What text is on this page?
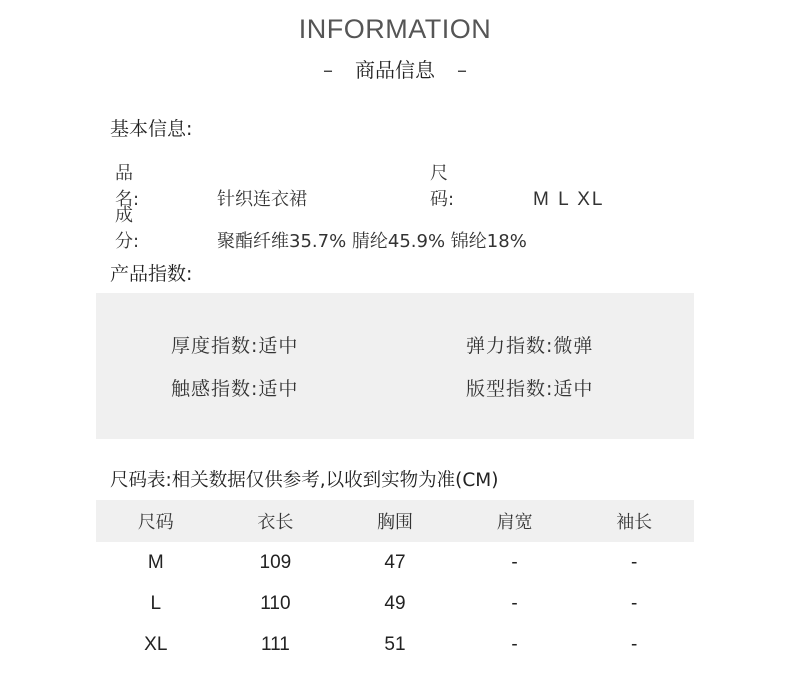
INFORMATION
– 商品信息 –
基本信息:
品名:	针织连衣裙
尺码:	M L XL
成分:	聚酯纤维35.7% 腈纶45.9% 锦纶18%
产品指数:
厚度指数:适中	弹力指数:微弹
触感指数:适中	版型指数:适中
尺码表:相关数据仅供参考,以收到实物为准(CM)
尺码	衣长	胸围	肩宽	袖长
M	109	47	-	-
L	110	49	-	-
XL	111	51	-	-
